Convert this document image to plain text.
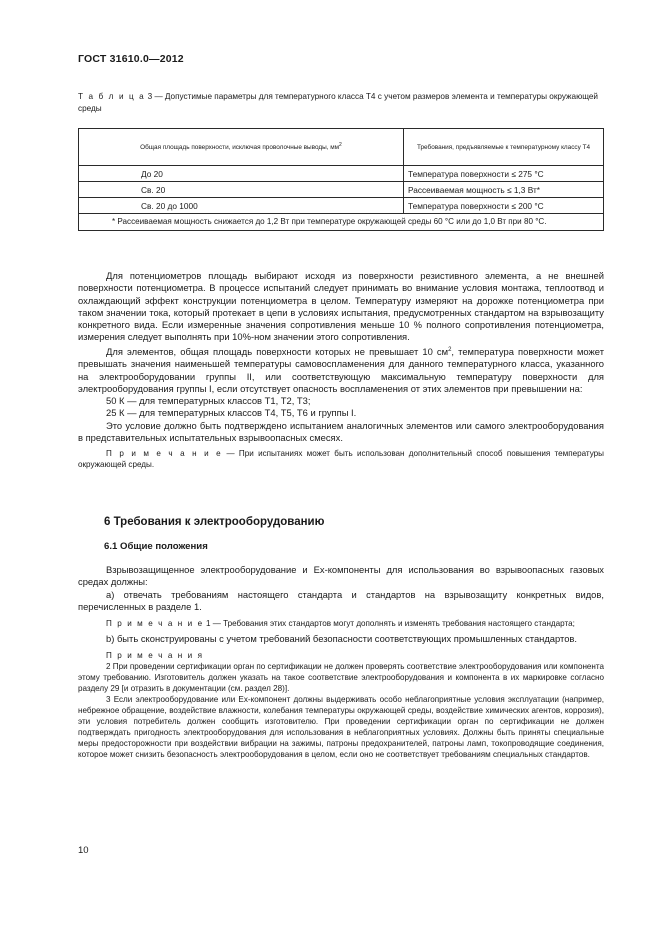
ГОСТ 31610.0—2012
Т а б л и ц а 3 — Допустимые параметры для температурного класса Т4 с учетом размеров элемента и температуры окружающей среды
Общая площадь поверхности, исключая проволочные выводы, $мм^2$	Требования, предъявляемые к температурному классу Т4
До 20	Температура поверхности ≤ 275 °С
Св. 20	Рассеиваемая мощность ≤ 1,3 Вт*
Св. 20 до 1000	Температура поверхности ≤ 200 °С
* Рассеиваемая мощность снижается до 1,2 Вт при температуре окружающей среды 60 °С или до 1,0 Вт при 80 °С.	

Для потенциометров площадь выбирают исходя из поверхности резистивного элемента, а не внешней поверхности потенциометра. В процессе испытаний следует принимать во внимание условия монтажа, теплоотвод и охлаждающий эффект конструкции потенциометра в целом. Температуру измеряют на дорожке потенциометра при таком значении тока, который протекает в цепи в условиях испытания, предусмотренных стандартом на взрывозащиту конкретного вида. Если измеренные значения сопротивления меньше 10 % полного сопротивления потенциометра, измерения следует выполнять при 10%-ном значении этого сопротивления.

Для элементов, общая площадь поверхности которых не превышает 10 $см^2$, температура поверхности может превышать значения наименьшей температуры самовоспламенения для данного температурного класса, указанного на электрооборудовании группы II, или соответствующую максимальную температуру поверхности для электрооборудования группы I, если отсутствует опасность воспламенения от этих элементов при превышении на:

50 К — для температурных классов Т1, Т2, Т3;

25 К — для температурных классов Т4, Т5, Т6 и группы I.

Это условие должно быть подтверждено испытанием аналогичных элементов или самого электрооборудования в представительных испытательных взрывоопасных смесях.

П р и м е ч а н и е — При испытаниях может быть использован дополнительный способ повышения температуры окружающей среды.

6 Требования к электрооборудованию
6.1 Общие положения

Взрывозащищенное электрооборудование и Ex-компоненты для использования во взрывоопасных газовых средах должны:

a) отвечать требованиям настоящего стандарта и стандартов на взрывозащиту конкретных видов, перечисленных в разделе 1.

П р и м е ч а н и е 1 — Требования этих стандартов могут дополнять и изменять требования настоящего стандарта;

b) быть сконструированы с учетом требований безопасности соответствующих промышленных стандартов.

П р и м е ч а н и я

2 При проведении сертификации орган по сертификации не должен проверять соответствие электрооборудования или компонента этому требованию. Изготовитель должен указать на такое соответствие электрооборудования и компонента в их маркировке согласно разделу 29 [и отразить в документации (см. раздел 28)].

3 Если электрооборудование или Ex-компонент должны выдерживать особо неблагоприятные условия эксплуатации (например, небрежное обращение, воздействие влажности, колебания температуры окружающей среды, воздействие химических агентов, коррозия), эти условия потребитель должен сообщить изготовителю. При проведении сертификации орган по сертификации не должен подтверждать пригодность электрооборудования для использования в неблагоприятных условиях. Должны быть приняты специальные меры предосторожности при воздействии вибрации на зажимы, патроны предохранителей, патроны ламп, токопроводящие соединения, которое может снизить безопасность электрооборудования в целом, если оно не соответствует требованиям специальных стандартов.

10
